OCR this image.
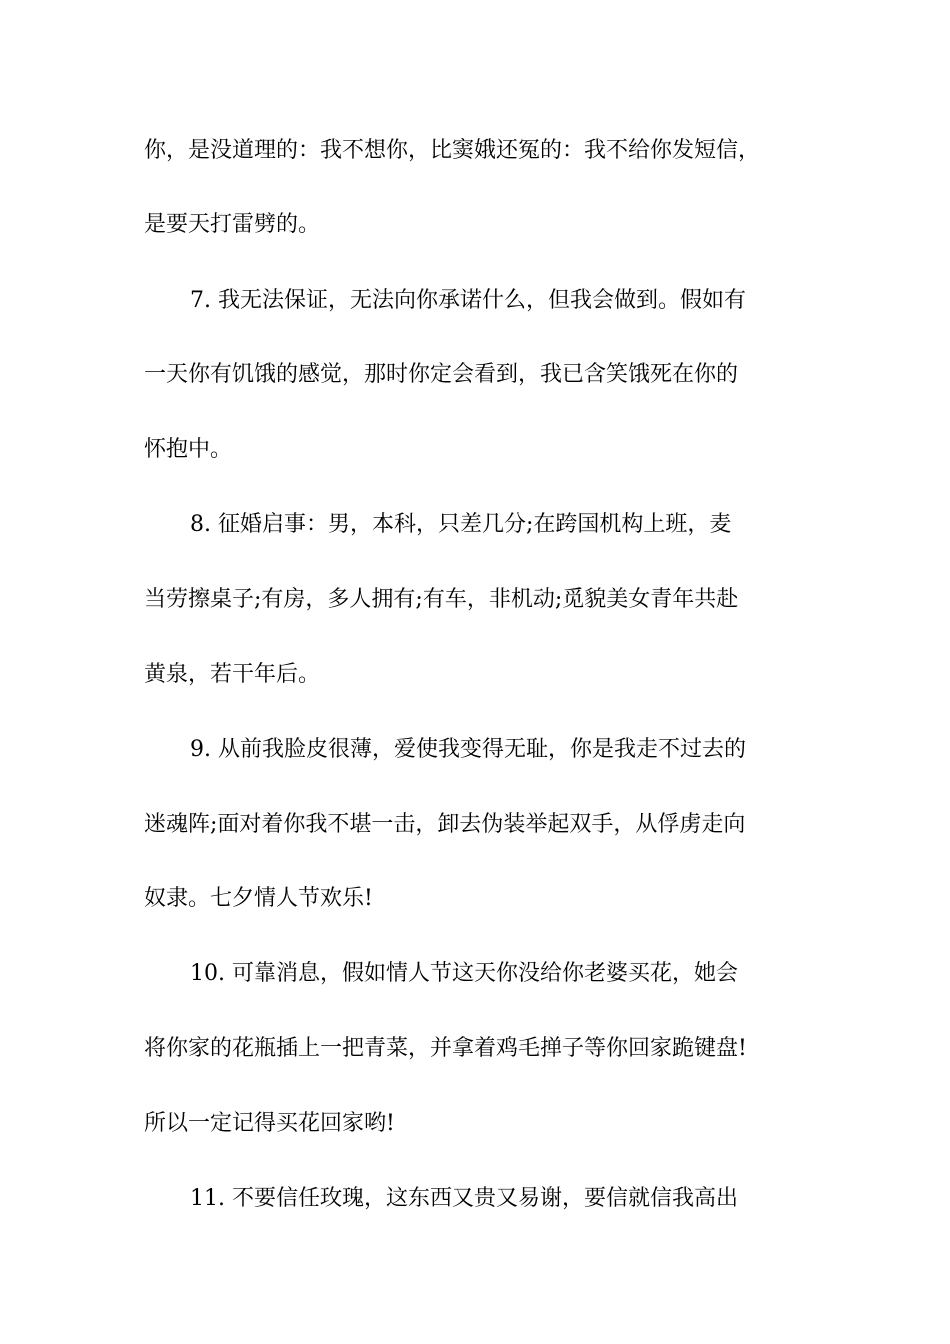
你，是没道理的：我不想你，比窦娥还冤的：我不给你发短信，
是要天打雷劈的。
7. 我无法保证，无法向你承诺什么，但我会做到。假如有
一天你有饥饿的感觉，那时你定会看到，我已含笑饿死在你的
怀抱中。
8. 征婚启事：男，本科，只差几分;在跨国机构上班，麦
当劳擦桌子;有房，多人拥有;有车，非机动;觅貌美女青年共赴
黄泉，若干年后。
9. 从前我脸皮很薄，爱使我变得无耻，你是我走不过去的
迷魂阵;面对着你我不堪一击，卸去伪装举起双手，从俘虏走向
奴隶。七夕情人节欢乐!
10. 可靠消息，假如情人节这天你没给你老婆买花，她会
将你家的花瓶插上一把青菜，并拿着鸡毛掸子等你回家跪键盘!
所以一定记得买花回家哟!
11. 不要信任玫瑰，这东西又贵又易谢，要信就信我高出
